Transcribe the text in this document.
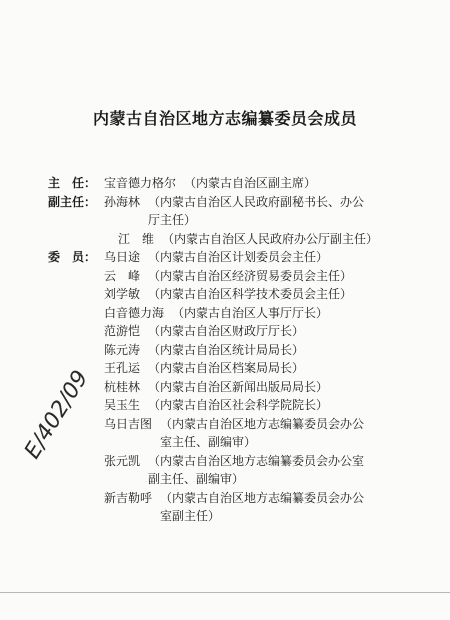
内蒙古自治区地方志编纂委员会成员
主　任： 宝音德力格尔 （内蒙古自治区副主席）
副主任： 孙海林 （内蒙古自治区人民政府副秘书长、办公
厅主任）
江　维 （内蒙古自治区人民政府办公厅副主任）
委　员： 乌日途 （内蒙古自治区计划委员会主任）
云　峰 （内蒙古自治区经济贸易委员会主任）
刘学敏 （内蒙古自治区科学技术委员会主任）
白音德力海 （内蒙古自治区人事厅厅长）
范游恺 （内蒙古自治区财政厅厅长）
陈元涛 （内蒙古自治区统计局局长）
王孔运 （内蒙古自治区档案局局长）
杭桂林 （内蒙古自治区新闻出版局局长）
吴玉生 （内蒙古自治区社会科学院院长）
乌日吉图 （内蒙古自治区地方志编纂委员会办公
室主任、副编审）
张元凯 （内蒙古自治区地方志编纂委员会办公室
副主任、副编审）
新吉勒呼 （内蒙古自治区地方志编纂委员会办公
室副主任）
E/402/09
